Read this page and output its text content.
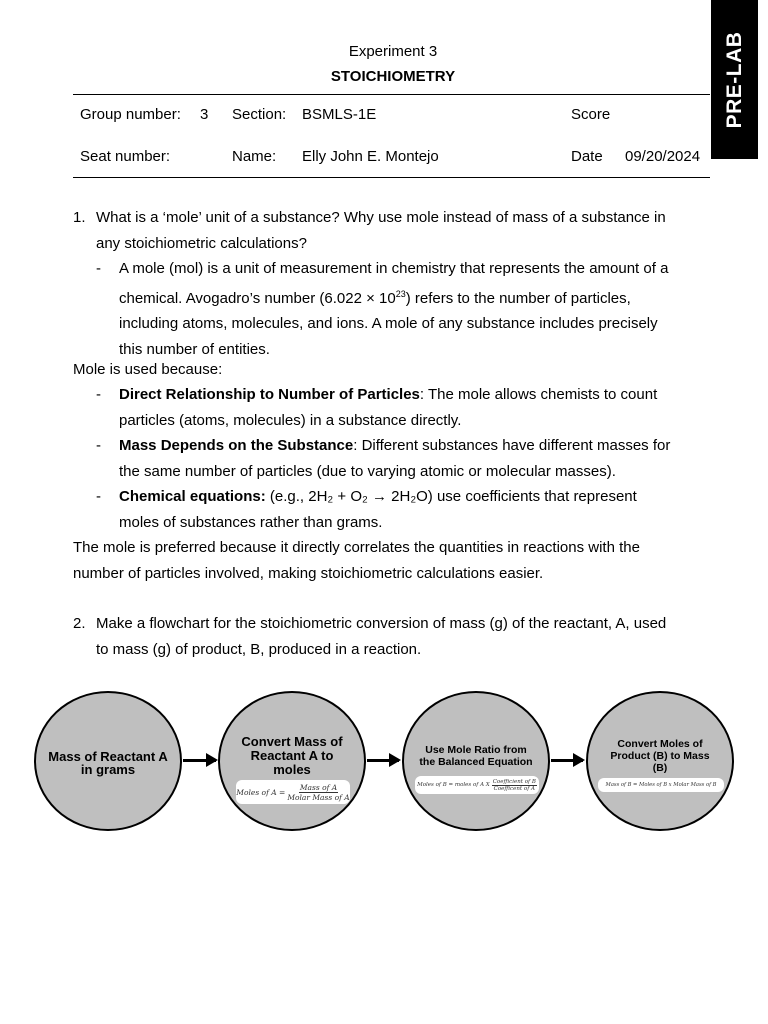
PRE-LAB
Experiment 3
STOICHIOMETRY
Group number: 3 Section: BSMLS-1E	Score
Seat number:	Name: Elly John E. Montejo	Date 09/20/2024
1. What is a ‘mole’ unit of a substance? Why use mole instead of mass of a substance in
any stoichiometric calculations?
- A mole (mol) is a unit of measurement in chemistry that represents the amount of a
chemical. Avogadro’s number $(6.022 \times 10^{23})$ refers to the number of particles,
including atoms, molecules, and ions. A mole of any substance includes precisely
this number of entities.
Mole is used because:
- Direct Relationship to Number of Particles: The mole allows chemists to count
particles (atoms, molecules) in a substance directly.
- Mass Depends on the Substance: Different substances have different masses for
the same number of particles (due to varying atomic or molecular masses).
- Chemical equations: (e.g., 2H₂ + O₂ → 2H₂O) use coefficients that represent
moles of substances rather than grams.
The mole is preferred because it directly correlates the quantities in reactions with the
number of particles involved, making stoichiometric calculations easier.
2. Make a flowchart for the stoichiometric conversion of mass (g) of the reactant, A, used
to mass (g) of product, B, produced in a reaction.
Mass of Reactant A in grams
Convert Mass of Reactant A to moles
Moles of $A = \frac{\text{Mass of A}}{\text{Molar Mass of A}}$
Use Mole Ratio from the Balanced Equation
Moles of B = moles of A X $\frac{\text{Coefficient of B}}{\text{Coefficent of A}}$
Convert Moles of Product (B) to Mass (B)
Mass of B = Moles of B x Molar Mass of B
